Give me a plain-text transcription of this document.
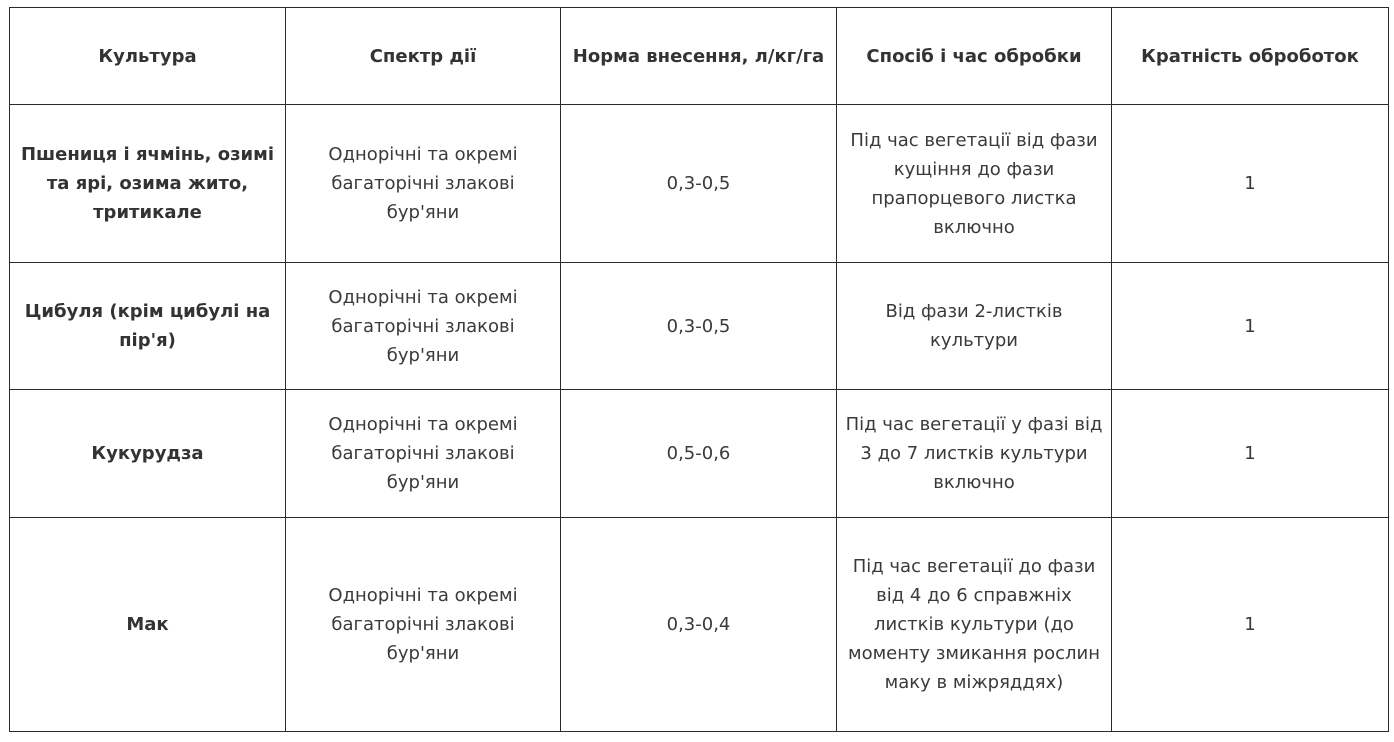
Культура	Спектр дії	Норма внесення, л/кг/га	Спосіб і час обробки	Кратність оброботок
Пшениця і ячмінь, озимі та ярі, озима жито, тритикале	Однорічні та окремі багаторічні злакові бур'яни	0,3-0,5	Під час вегетації від фази кущіння до фази прапорцевого листка включно	1
Цибуля (крім цибулі на пір'я)	Однорічні та окремі багаторічні злакові бур'яни	0,3-0,5	Від фази 2-листків культури	1
Кукурудза	Однорічні та окремі багаторічні злакові бур'яни	0,5-0,6	Під час вегетації у фазі від 3 до 7 листків культури включно	1
Мак	Однорічні та окремі багаторічні злакові бур'яни	0,3-0,4	Під час вегетації до фази від 4 до 6 справжніх листків культури (до моменту змикання рослин маку в міжряддях)	1
